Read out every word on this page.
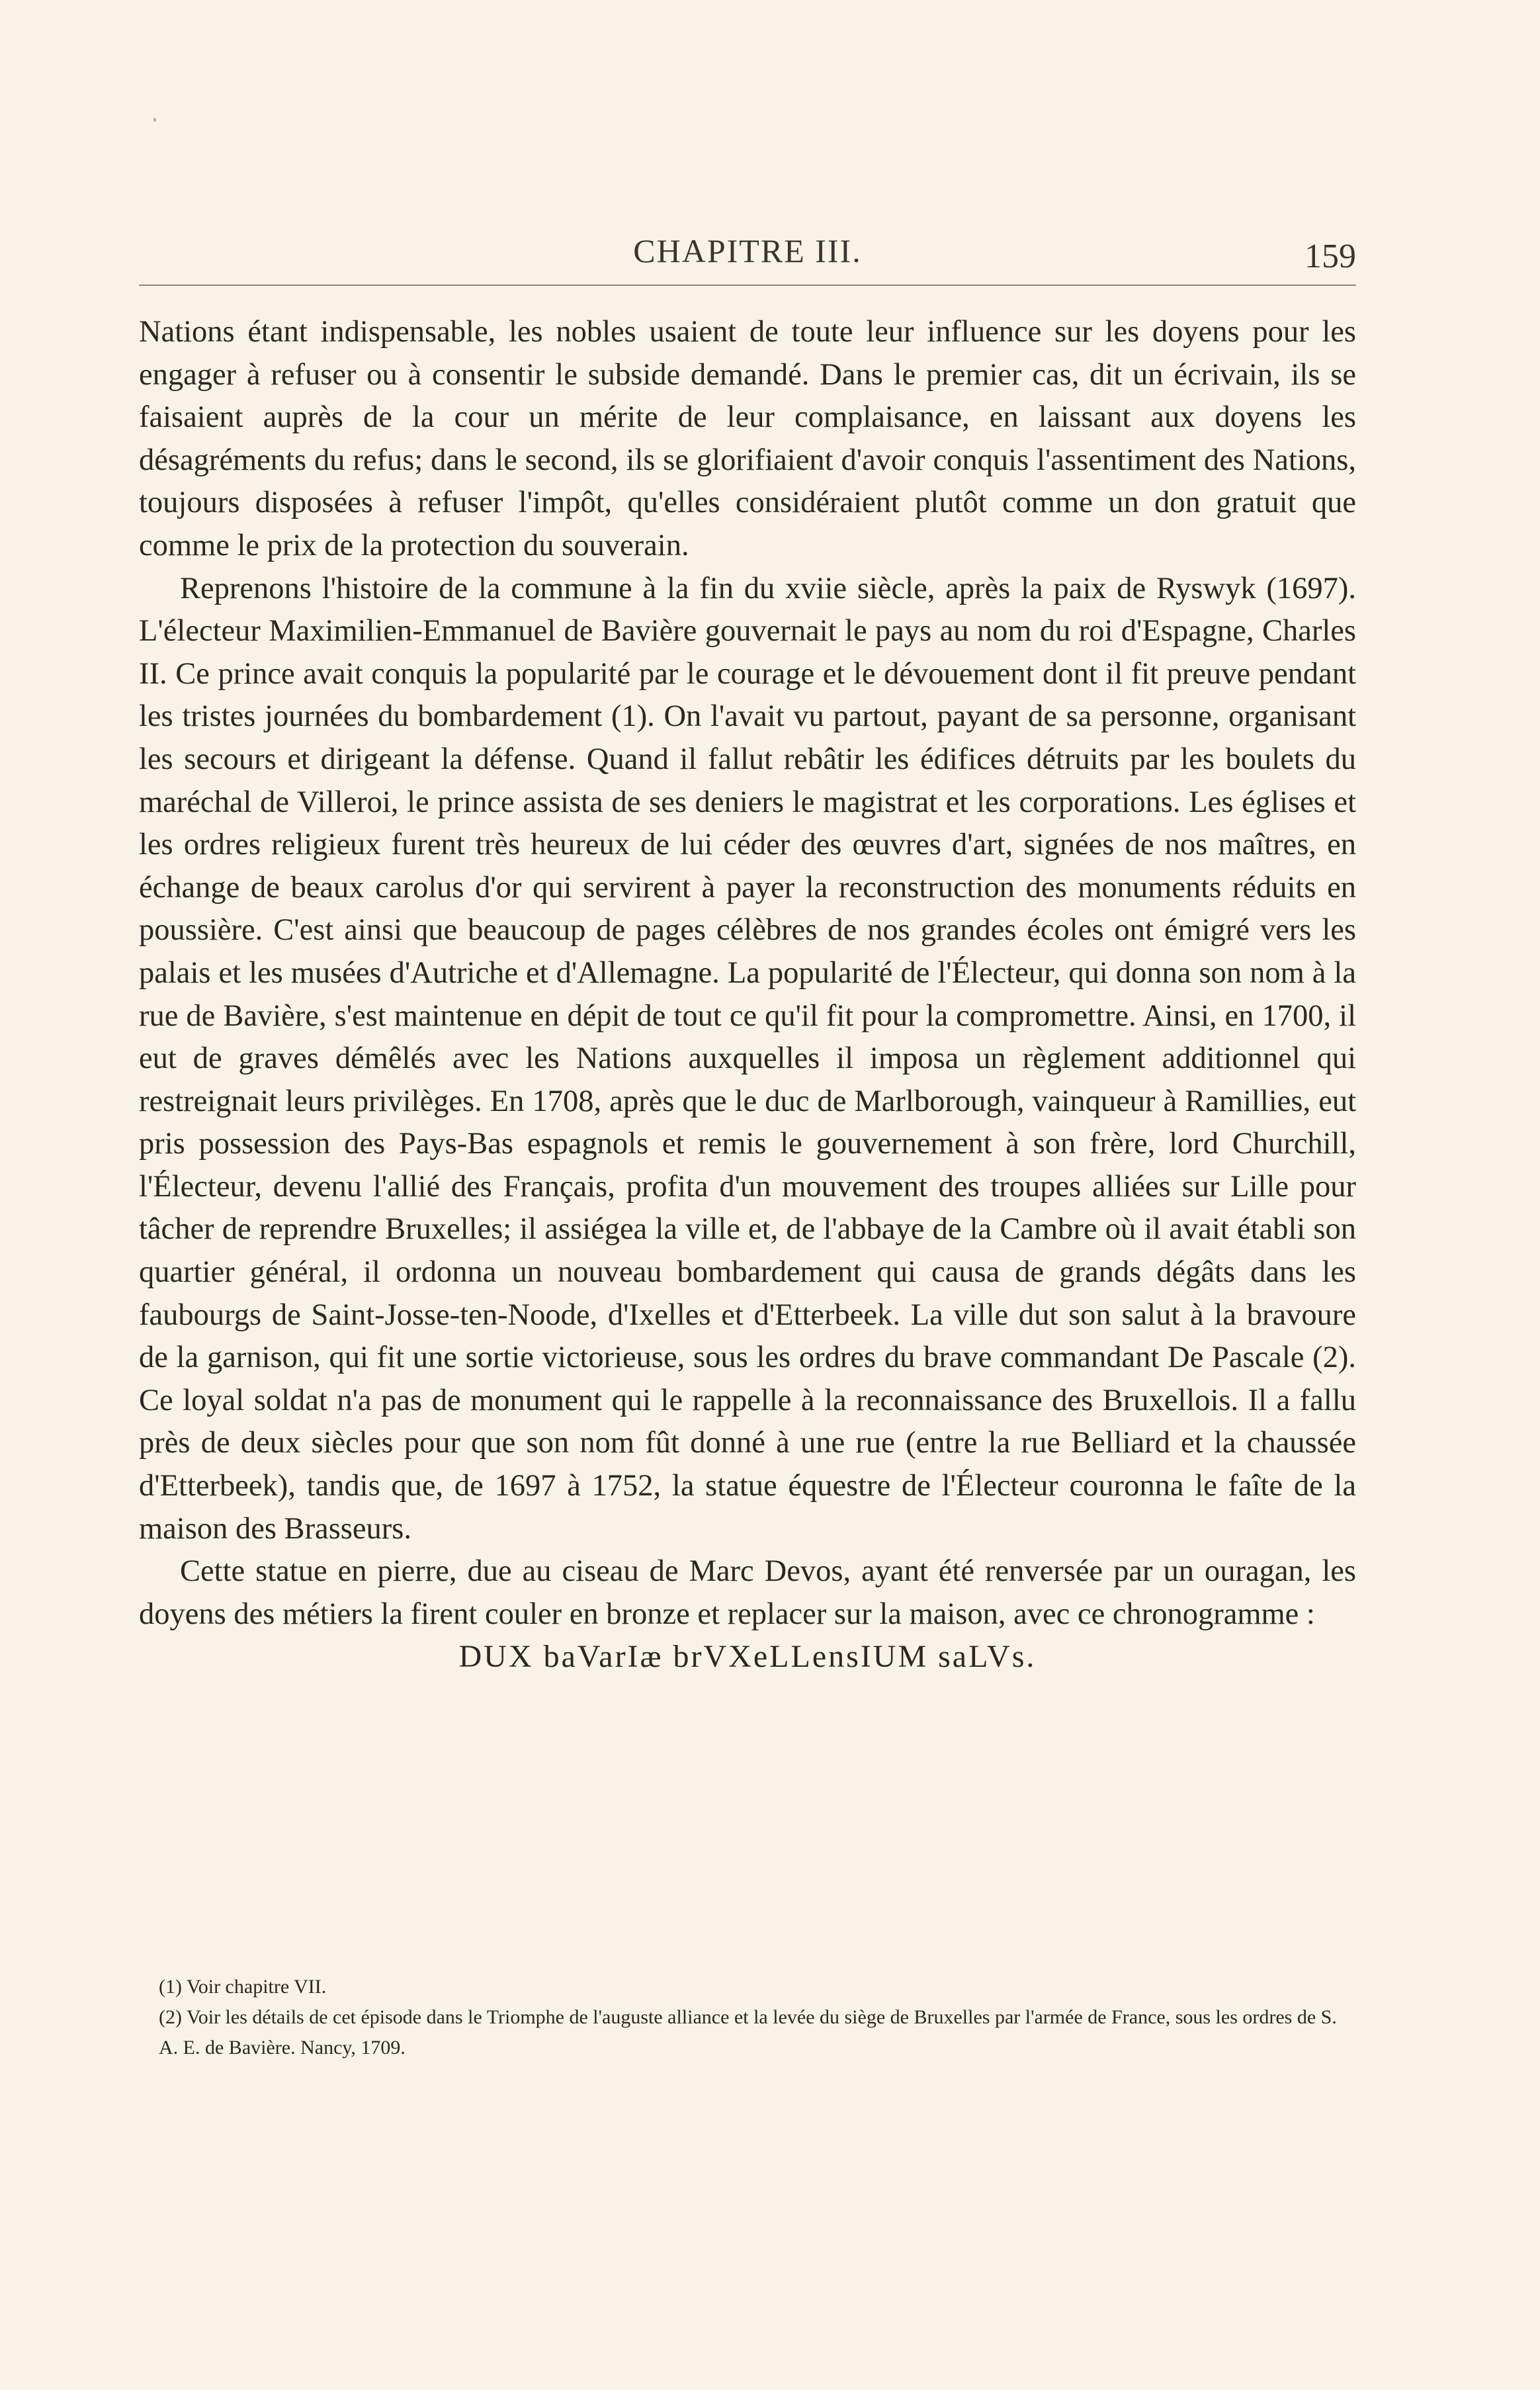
CHAPITRE III.	159

Nations étant indispensable, les nobles usaient de toute leur influence sur les doyens pour les engager à refuser ou à consentir le subside demandé. Dans le premier cas, dit un écrivain, ils se faisaient auprès de la cour un mérite de leur complaisance, en laissant aux doyens les désagréments du refus; dans le second, ils se glorifiaient d'avoir conquis l'assentiment des Nations, toujours disposées à refuser l'impôt, qu'elles considéraient plutôt comme un don gratuit que comme le prix de la protection du souverain.

Reprenons l'histoire de la commune à la fin du xviie siècle, après la paix de Ryswyk (1697). L'électeur Maximilien-Emmanuel de Bavière gouvernait le pays au nom du roi d'Espagne, Charles II. Ce prince avait conquis la popularité par le courage et le dévouement dont il fit preuve pendant les tristes journées du bombardement (1). On l'avait vu partout, payant de sa personne, organisant les secours et dirigeant la défense. Quand il fallut rebâtir les édifices détruits par les boulets du maréchal de Villeroi, le prince assista de ses deniers le magistrat et les corporations. Les églises et les ordres religieux furent très heureux de lui céder des œuvres d'art, signées de nos maîtres, en échange de beaux carolus d'or qui servirent à payer la reconstruction des monuments réduits en poussière. C'est ainsi que beaucoup de pages célèbres de nos grandes écoles ont émigré vers les palais et les musées d'Autriche et d'Allemagne. La popularité de l'Électeur, qui donna son nom à la rue de Bavière, s'est maintenue en dépit de tout ce qu'il fit pour la compromettre. Ainsi, en 1700, il eut de graves démêlés avec les Nations auxquelles il imposa un règlement additionnel qui restreignait leurs privilèges. En 1708, après que le duc de Marlborough, vainqueur à Ramillies, eut pris possession des Pays-Bas espagnols et remis le gouvernement à son frère, lord Churchill, l'Électeur, devenu l'allié des Français, profita d'un mouvement des troupes alliées sur Lille pour tâcher de reprendre Bruxelles; il assiégea la ville et, de l'abbaye de la Cambre où il avait établi son quartier général, il ordonna un nouveau bombardement qui causa de grands dégâts dans les faubourgs de Saint-Josse-ten-Noode, d'Ixelles et d'Etterbeek. La ville dut son salut à la bravoure de la garnison, qui fit une sortie victorieuse, sous les ordres du brave commandant De Pascale (2). Ce loyal soldat n'a pas de monument qui le rappelle à la reconnaissance des Bruxellois. Il a fallu près de deux siècles pour que son nom fût donné à une rue (entre la rue Belliard et la chaussée d'Etterbeek), tandis que, de 1697 à 1752, la statue équestre de l'Électeur couronna le faîte de la maison des Brasseurs.

Cette statue en pierre, due au ciseau de Marc Devos, ayant été renversée par un ouragan, les doyens des métiers la firent couler en bronze et replacer sur la maison, avec ce chronogramme :

DUX baVarIæ brVXeLLensIUM saLVs.

(1) Voir chapitre VII.

(2) Voir les détails de cet épisode dans le Triomphe de l'auguste alliance et la levée du siège de Bruxelles par l'armée de France, sous les ordres de S. A. E. de Bavière. Nancy, 1709.
